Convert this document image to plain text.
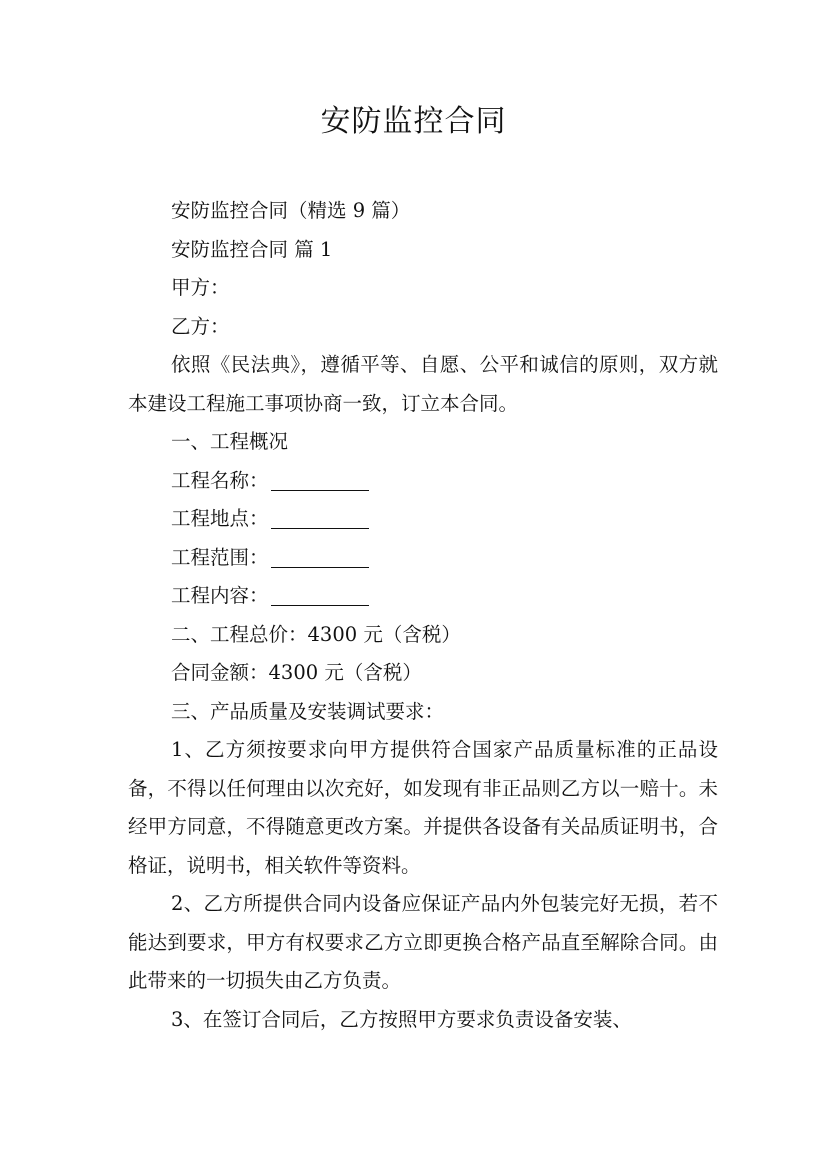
安防监控合同
安防监控合同（精选 9 篇）
安防监控合同 篇 1
甲方：
乙方：

依照《民法典》，遵循平等、自愿、公平和诚信的原则，双方就本建设工程施工事项协商一致，订立本合同。

一、工程概况
工程名称：
工程地点：
工程范围：
工程内容：
二、工程总价：4300 元（含税）
合同金额：4300 元（含税）
三、产品质量及安装调试要求：

1、乙方须按要求向甲方提供符合国家产品质量标准的正品设备，不得以任何理由以次充好，如发现有非正品则乙方以一赔十。未经甲方同意，不得随意更改方案。并提供各设备有关品质证明书，合格证，说明书，相关软件等资料。

2、乙方所提供合同内设备应保证产品内外包装完好无损，若不能达到要求，甲方有权要求乙方立即更换合格产品直至解除合同。由此带来的一切损失由乙方负责。

3、在签订合同后，乙方按照甲方要求负责设备安装、
